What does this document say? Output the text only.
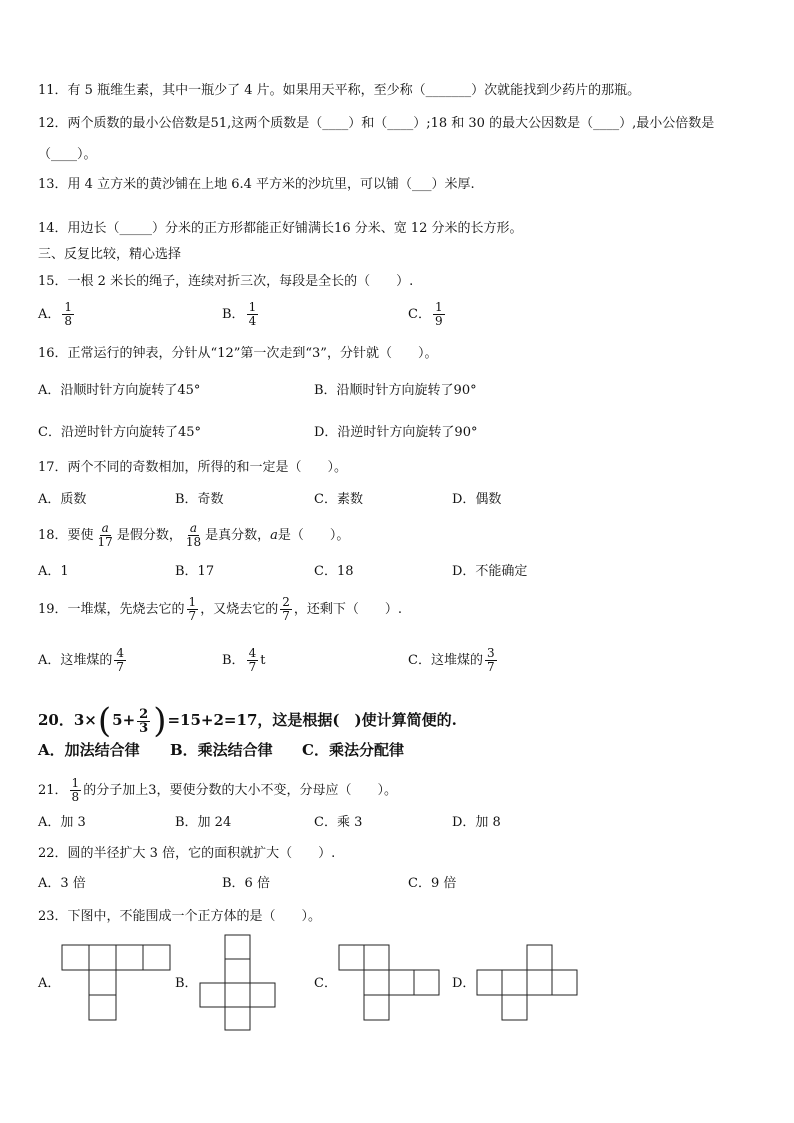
11．有 5 瓶维生素，其中一瓶少了 4 片。如果用天平称，至少称（_______）次就能找到少药片的那瓶。
12．两个质数的最小公倍数是51,这两个质数是（____）和（____）;18 和 30 的最大公因数是（____）,最小公倍数是
（____）。
13．用 4 立方米的黄沙铺在上地 6.4 平方米的沙坑里，可以铺（___）米厚.
14．用边长（_____）分米的正方形都能正好铺满长16 分米、宽 12 分米的长方形。
三、反复比较，精心选择
15．一根 2 米长的绳子，连续对折三次，每段是全长的（　　）.
A． $\frac{1}{8}$	B． $\frac{1}{4}$	C． $\frac{1}{9}$
16．正常运行的钟表，分针从“12”第一次走到“3”，分针就（　　）。
A．沿顺时针方向旋转了45°	B．沿顺时针方向旋转了90°
C．沿逆时针方向旋转了45°	D．沿逆时针方向旋转了90°
17．两个不同的奇数相加，所得的和一定是（　　）。
A．质数	B．奇数	C．素数	D．偶数
18．要使 $\frac{a}{17}$ 是假分数， $\frac{a}{18}$ 是真分数，a是（　　）。
A．1	B．17	C．18	D．不能确定
19．一堆煤，先烧去它的 $\frac{1}{7}$ ，又烧去它的 $\frac{2}{7}$ ，还剩下（　　）.
A．这堆煤的 $\frac{4}{7}$	B． $\frac{4}{7}$ t	C．这堆煤的 $\frac{3}{7}$
20．$3\times(5+ \frac{2}{3} )=15+2=17$，这是根据(　)使计算简便的.
A．加法结合律 B．乘法结合律 C．乘法分配律
21． $\frac{1}{8}$ 的分子加上3，要使分数的大小不变，分母应（　　）。
A．加 3	B．加 24	C．乘 3	D．加 8
22．圆的半径扩大 3 倍，它的面积就扩大（　　）.
A．3 倍	B．6 倍	C．9 倍
23．下图中，不能围成一个正方体的是（　　）。
A．	B．	C．	D．
